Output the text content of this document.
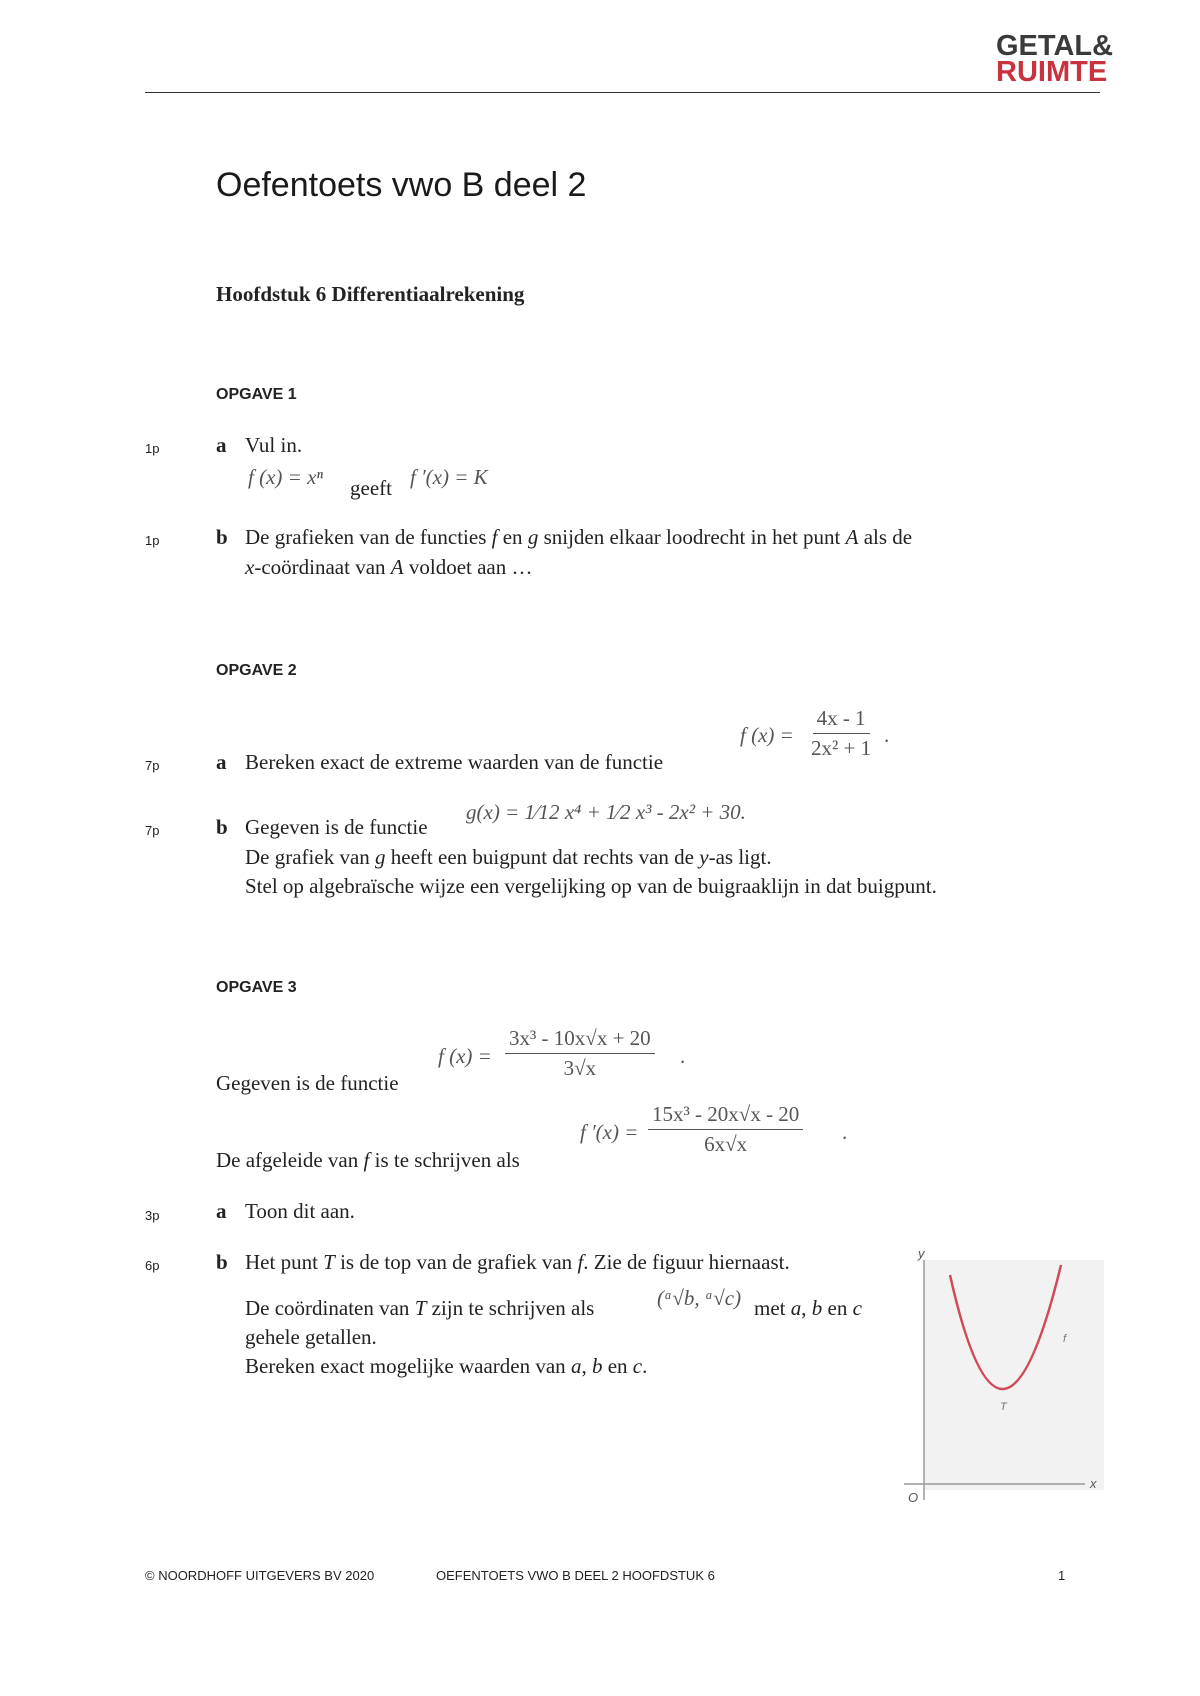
GETAL&
RUIMTE
Oefentoets vwo B deel 2
Hoofdstuk 6 Differentiaalrekening
OPGAVE 1
1p	a Vul in.
f (x) = xⁿ geeft f ′(x) = K
1p	b De grafieken van de functies f en g snijden elkaar loodrecht in het punt A als de
x-coördinaat van A voldoet aan …
OPGAVE 2
f $(x) = \frac{4x - 1}{\text{2x² + 1}}$ .
7p	a Bereken exact de extreme waarden van de functie
7p	b Gegeven is de functie
g(x) = 1⁄12 x⁴ + 1⁄2 x³ - 2x² + 30.
De grafiek van g heeft een buigpunt dat rechts van de y-as ligt.
Stel op algebraïsche wijze een vergelijking op van de buigraaklijn in dat buigpunt.
OPGAVE 3
f $(x) = \frac{\text{3x³ - 10x√x + 20}}{3√x}$ .
Gegeven is de functie
f $'(x) = \frac{\text{15x³ - 20x√x - 20}}{6x√x}$ .
De afgeleide van f is te schrijven als
3p	a Toon dit aan.
6p	b Het punt T is de top van de grafiek van f. Zie de figuur hiernaast.
De coördinaten van T zijn te schrijven als	(ᵃ√b, ᵃ√c) met a, b en c
gehele getallen.
Bereken exact mogelijke waarden van a, b en c.
y
x
O
f
T
© NOORDHOFF UITGEVERS BV 2020	OEFENTOETS VWO B DEEL 2 HOOFDSTUK 6	1
